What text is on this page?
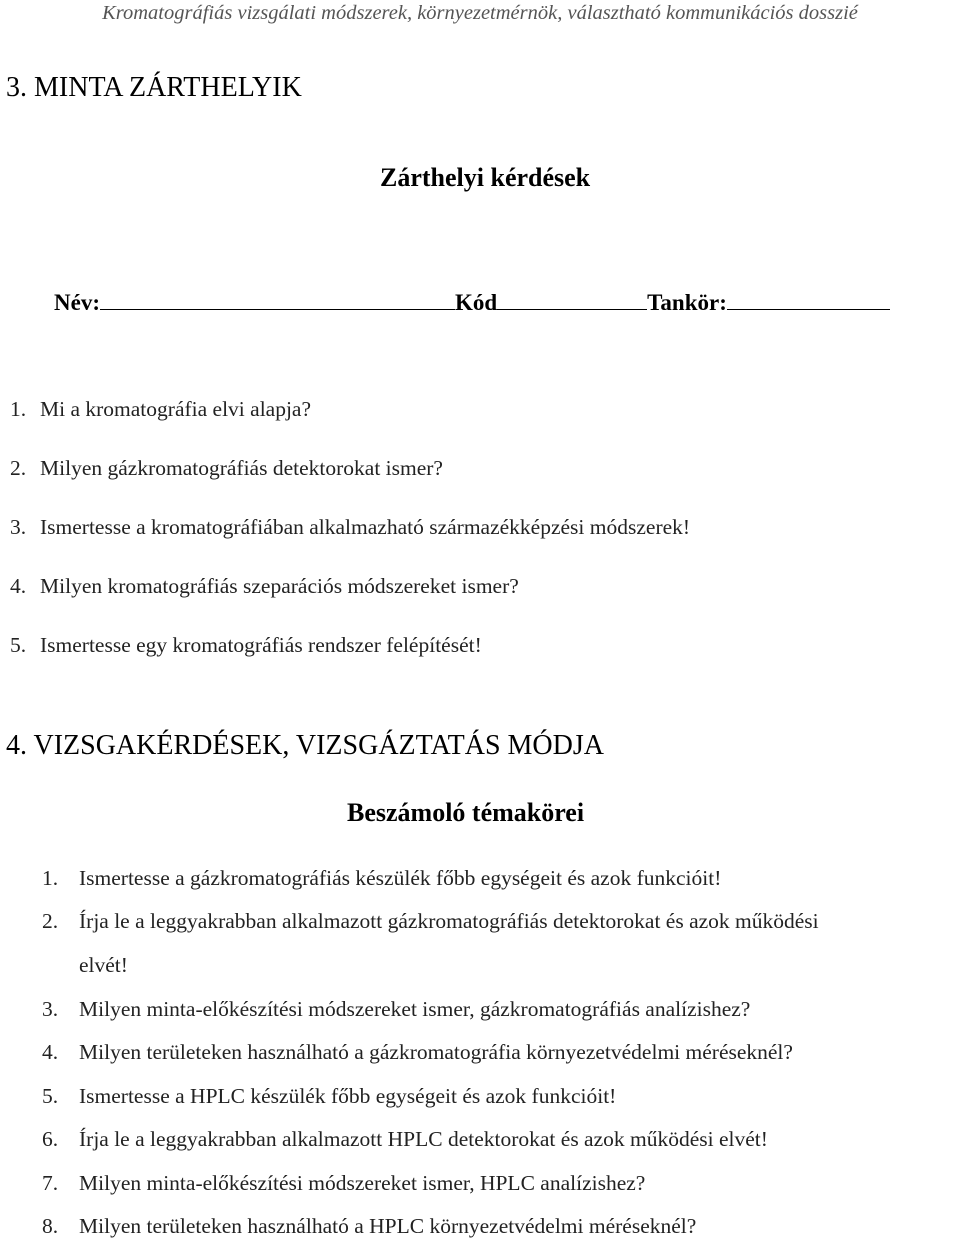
Kromatográfiás vizsgálati módszerek, környezetmérnök, választható kommunikációs dosszié
3. MINTA ZÁRTHELYIK
Zárthelyi kérdések
Név:	Kód	Tankör:
1. Mi a kromatográfia elvi alapja?
2. Milyen gázkromatográfiás detektorokat ismer?
3. Ismertesse a kromatográfiában alkalmazható származékképzési módszerek!
4. Milyen kromatográfiás szeparációs módszereket ismer?
5. Ismertesse egy kromatográfiás rendszer felépítését!
4. VIZSGAKÉRDÉSEK, VIZSGÁZTATÁS MÓDJA
Beszámoló témakörei
1. Ismertesse a gázkromatográfiás készülék főbb egységeit és azok funkcióit!
2. Írja le a leggyakrabban alkalmazott gázkromatográfiás detektorokat és azok működési
elvét!
3. Milyen minta-előkészítési módszereket ismer, gázkromatográfiás analízishez?
4. Milyen területeken használható a gázkromatográfia környezetvédelmi méréseknél?
5. Ismertesse a HPLC készülék főbb egységeit és azok funkcióit!
6. Írja le a leggyakrabban alkalmazott HPLC detektorokat és azok működési elvét!
7. Milyen minta-előkészítési módszereket ismer, HPLC analízishez?
8. Milyen területeken használható a HPLC környezetvédelmi méréseknél?
